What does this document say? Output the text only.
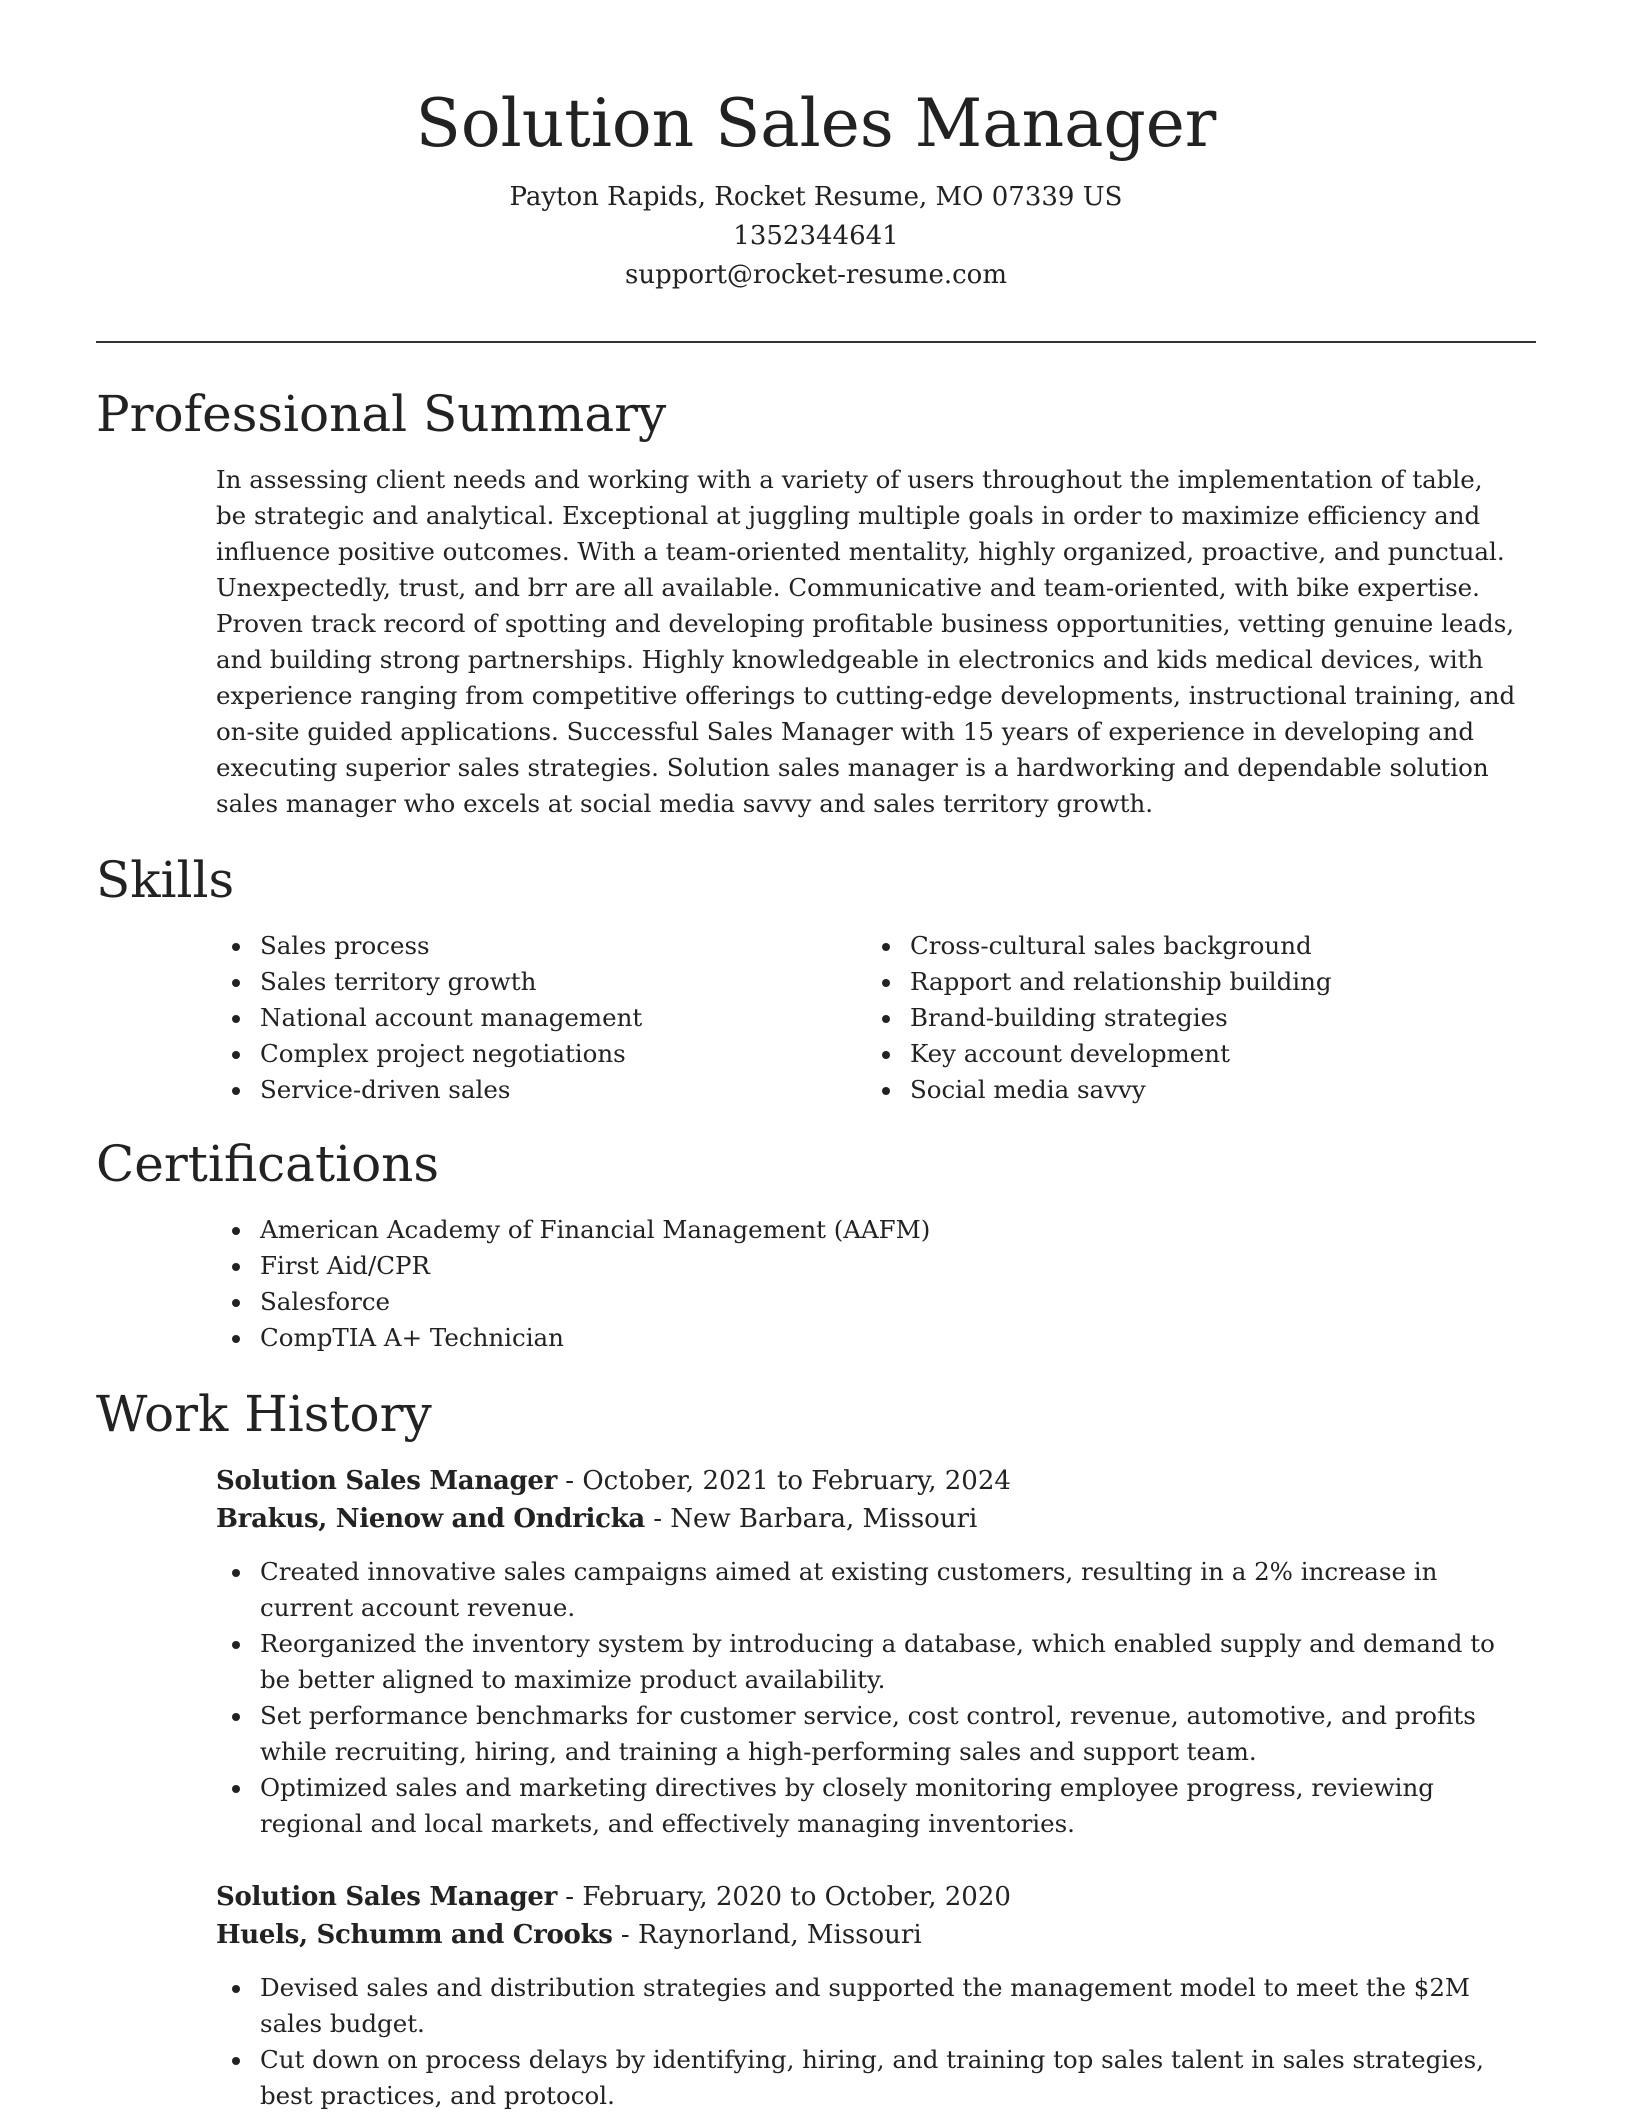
Solution Sales Manager
Payton Rapids, Rocket Resume, MO 07339 US
1352344641
support@rocket-resume.com
Professional Summary

In assessing client needs and working with a variety of users throughout the implementation of table, be strategic and analytical. Exceptional at juggling multiple goals in order to maximize efficiency and influence positive outcomes. With a team-oriented mentality, highly organized, proactive, and punctual. Unexpectedly, trust, and brr are all available. Communicative and team-oriented, with bike expertise. Proven track record of spotting and developing profitable business opportunities, vetting genuine leads, and building strong partnerships. Highly knowledgeable in electronics and kids medical devices, with experience ranging from competitive offerings to cutting-edge developments, instructional training, and on-site guided applications. Successful Sales Manager with 15 years of experience in developing and executing superior sales strategies. Solution sales manager is a hardworking and dependable solution sales manager who excels at social media savvy and sales territory growth.

Skills
Sales process
Sales territory growth
National account management
Complex project negotiations
Service-driven sales
Cross-cultural sales background
Rapport and relationship building
Brand-building strategies
Key account development
Social media savvy
Certifications
American Academy of Financial Management (AAFM)
First Aid/CPR
Salesforce
CompTIA A+ Technician
Work History
Solution Sales Manager - October, 2021 to February, 2024
Brakus, Nienow and Ondricka - New Barbara, Missouri
Created innovative sales campaigns aimed at existing customers, resulting in a 2% increase in current account revenue.
Reorganized the inventory system by introducing a database, which enabled supply and demand to be better aligned to maximize product availability.
Set performance benchmarks for customer service, cost control, revenue, automotive, and profits while recruiting, hiring, and training a high-performing sales and support team.
Optimized sales and marketing directives by closely monitoring employee progress, reviewing regional and local markets, and effectively managing inventories.
Solution Sales Manager - February, 2020 to October, 2020
Huels, Schumm and Crooks - Raynorland, Missouri
Devised sales and distribution strategies and supported the management model to meet the $2M sales budget.
Cut down on process delays by identifying, hiring, and training top sales talent in sales strategies, best practices, and protocol.
